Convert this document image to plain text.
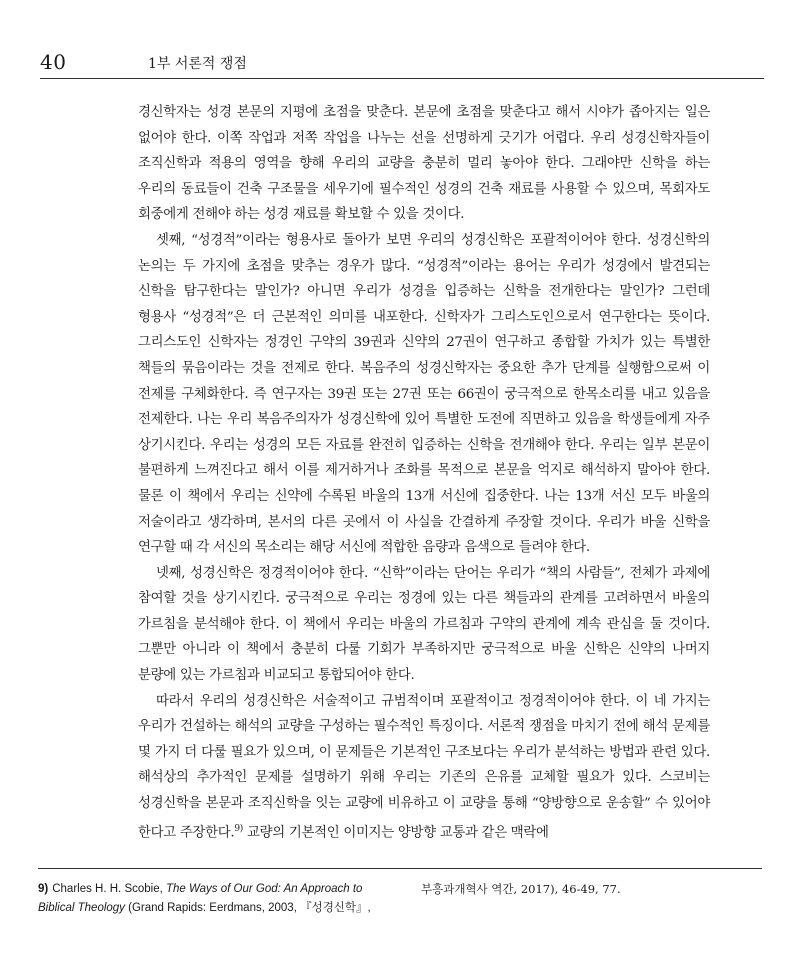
40	1부 서론적 쟁점

경신학자는 성경 본문의 지평에 초점을 맞춘다. 본문에 초점을 맞춘다고 해서 시야가 좁아지는 일은 없어야 한다. 이쪽 작업과 저쪽 작업을 나누는 선을 선명하게 긋기가 어렵다. 우리 성경신학자들이 조직신학과 적용의 영역을 향해 우리의 교량을 충분히 멀리 놓아야 한다. 그래야만 신학을 하는 우리의 동료들이 건축 구조물을 세우기에 필수적인 성경의 건축 재료를 사용할 수 있으며, 목회자도 회중에게 전해야 하는 성경 재료를 확보할 수 있을 것이다.

셋째, “성경적”이라는 형용사로 돌아가 보면 우리의 성경신학은 포괄적이어야 한다. 성경신학의 논의는 두 가지에 초점을 맞추는 경우가 많다. “성경적”이라는 용어는 우리가 성경에서 발견되는 신학을 탐구한다는 말인가? 아니면 우리가 성경을 입증하는 신학을 전개한다는 말인가? 그런데 형용사 “성경적”은 더 근본적인 의미를 내포한다. 신학자가 그리스도인으로서 연구한다는 뜻이다. 그리스도인 신학자는 정경인 구약의 39권과 신약의 27권이 연구하고 종합할 가치가 있는 특별한 책들의 묶음이라는 것을 전제로 한다. 복음주의 성경신학자는 중요한 추가 단계를 실행함으로써 이 전제를 구체화한다. 즉 연구자는 39권 또는 27권 또는 66권이 궁극적으로 한목소리를 내고 있음을 전제한다. 나는 우리 복음주의자가 성경신학에 있어 특별한 도전에 직면하고 있음을 학생들에게 자주 상기시킨다. 우리는 성경의 모든 자료를 완전히 입증하는 신학을 전개해야 한다. 우리는 일부 본문이 불편하게 느껴진다고 해서 이를 제거하거나 조화를 목적으로 본문을 억지로 해석하지 말아야 한다. 물론 이 책에서 우리는 신약에 수록된 바울의 13개 서신에 집중한다. 나는 13개 서신 모두 바울의 저술이라고 생각하며, 본서의 다른 곳에서 이 사실을 간결하게 주장할 것이다. 우리가 바울 신학을 연구할 때 각 서신의 목소리는 해당 서신에 적합한 음량과 음색으로 들려야 한다.

넷째, 성경신학은 정경적이어야 한다. “신학”이라는 단어는 우리가 “책의 사람들”, 전체가 과제에 참여할 것을 상기시킨다. 궁극적으로 우리는 정경에 있는 다른 책들과의 관계를 고려하면서 바울의 가르침을 분석해야 한다. 이 책에서 우리는 바울의 가르침과 구약의 관계에 계속 관심을 둘 것이다. 그뿐만 아니라 이 책에서 충분히 다룰 기회가 부족하지만 궁극적으로 바울 신학은 신약의 나머지 분량에 있는 가르침과 비교되고 통합되어야 한다.

따라서 우리의 성경신학은 서술적이고 규범적이며 포괄적이고 정경적이어야 한다. 이 네 가지는 우리가 건설하는 해석의 교량을 구성하는 필수적인 특징이다. 서론적 쟁점을 마치기 전에 해석 문제를 몇 가지 더 다룰 필요가 있으며, 이 문제들은 기본적인 구조보다는 우리가 분석하는 방법과 관련 있다. 해석상의 추가적인 문제를 설명하기 위해 우리는 기존의 은유를 교체할 필요가 있다. 스코비는 성경신학을 본문과 조직신학을 잇는 교량에 비유하고 이 교량을 통해 “양방향으로 운송할” 수 있어야 한다고 주장한다.$^{9)}$ 교량의 기본적인 이미지는 양방향 교통과 같은 맥락에

9) Charles H. H. Scobie, The Ways of Our God: An Approach to Biblical Theology (Grand Rapids: Eerdmans, 2003, 『성경신학』,
부흥과개혁사 역간, 2017), 46-49, 77.
